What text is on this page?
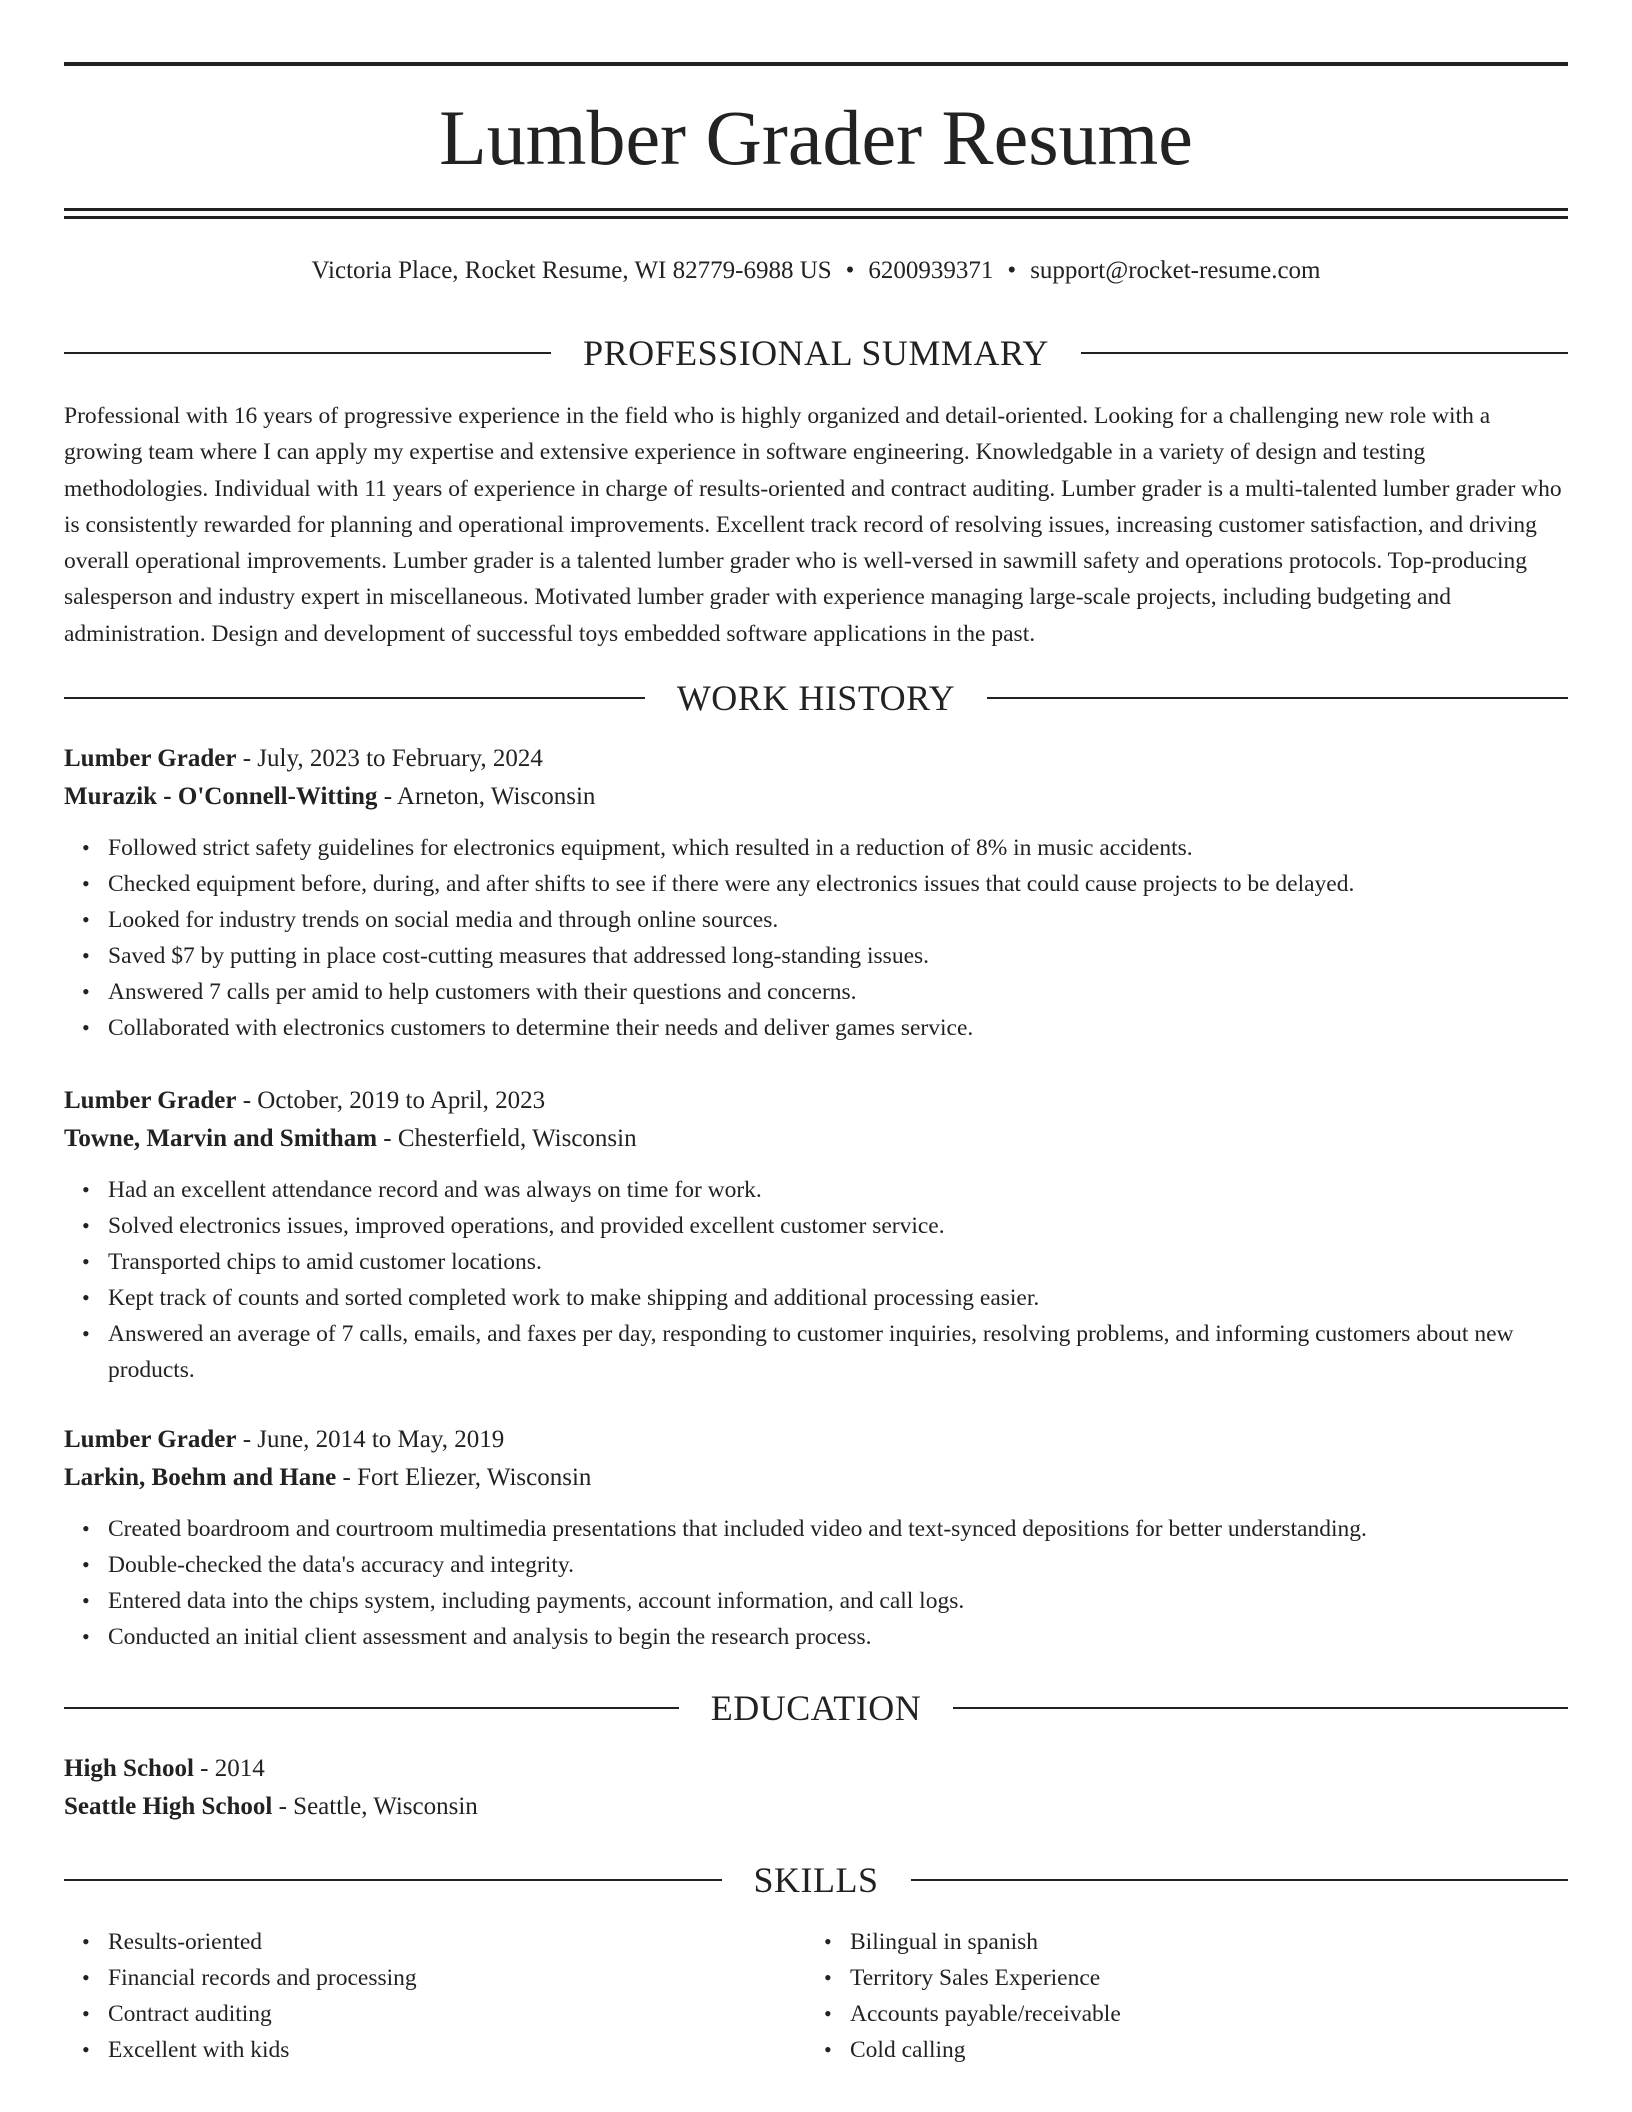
Lumber Grader Resume
Victoria Place, Rocket Resume, WI 82779-6988 US • 6200939371 • support@rocket-resume.com
PROFESSIONAL SUMMARY

Professional with 16 years of progressive experience in the field who is highly organized and detail-oriented. Looking for a challenging new role with a growing team where I can apply my expertise and extensive experience in software engineering. Knowledgable in a variety of design and testing methodologies. Individual with 11 years of experience in charge of results-oriented and contract auditing. Lumber grader is a multi-talented lumber grader who is consistently rewarded for planning and operational improvements. Excellent track record of resolving issues, increasing customer satisfaction, and driving overall operational improvements. Lumber grader is a talented lumber grader who is well-versed in sawmill safety and operations protocols. Top-producing salesperson and industry expert in miscellaneous. Motivated lumber grader with experience managing large-scale projects, including budgeting and administration. Design and development of successful toys embedded software applications in the past.

WORK HISTORY

Lumber Grader - July, 2023 to February, 2024

Murazik - O'Connell-Witting - Arneton, Wisconsin

• Followed strict safety guidelines for electronics equipment, which resulted in a reduction of 8% in music accidents.
• Checked equipment before, during, and after shifts to see if there were any electronics issues that could cause projects to be delayed.
• Looked for industry trends on social media and through online sources.
• Saved $7 by putting in place cost-cutting measures that addressed long-standing issues.
• Answered 7 calls per amid to help customers with their questions and concerns.
• Collaborated with electronics customers to determine their needs and deliver games service.

Lumber Grader - October, 2019 to April, 2023

Towne, Marvin and Smitham - Chesterfield, Wisconsin

• Had an excellent attendance record and was always on time for work.
• Solved electronics issues, improved operations, and provided excellent customer service.
• Transported chips to amid customer locations.
• Kept track of counts and sorted completed work to make shipping and additional processing easier.
• Answered an average of 7 calls, emails, and faxes per day, responding to customer inquiries, resolving problems, and informing customers about new products.

Lumber Grader - June, 2014 to May, 2019

Larkin, Boehm and Hane - Fort Eliezer, Wisconsin

• Created boardroom and courtroom multimedia presentations that included video and text-synced depositions for better understanding.
• Double-checked the data's accuracy and integrity.
• Entered data into the chips system, including payments, account information, and call logs.
• Conducted an initial client assessment and analysis to begin the research process.
EDUCATION

High School - 2014

Seattle High School - Seattle, Wisconsin

SKILLS
• Results-oriented
• Financial records and processing
• Contract auditing
• Excellent with kids
• Bilingual in spanish
• Territory Sales Experience
• Accounts payable/receivable
• Cold calling
